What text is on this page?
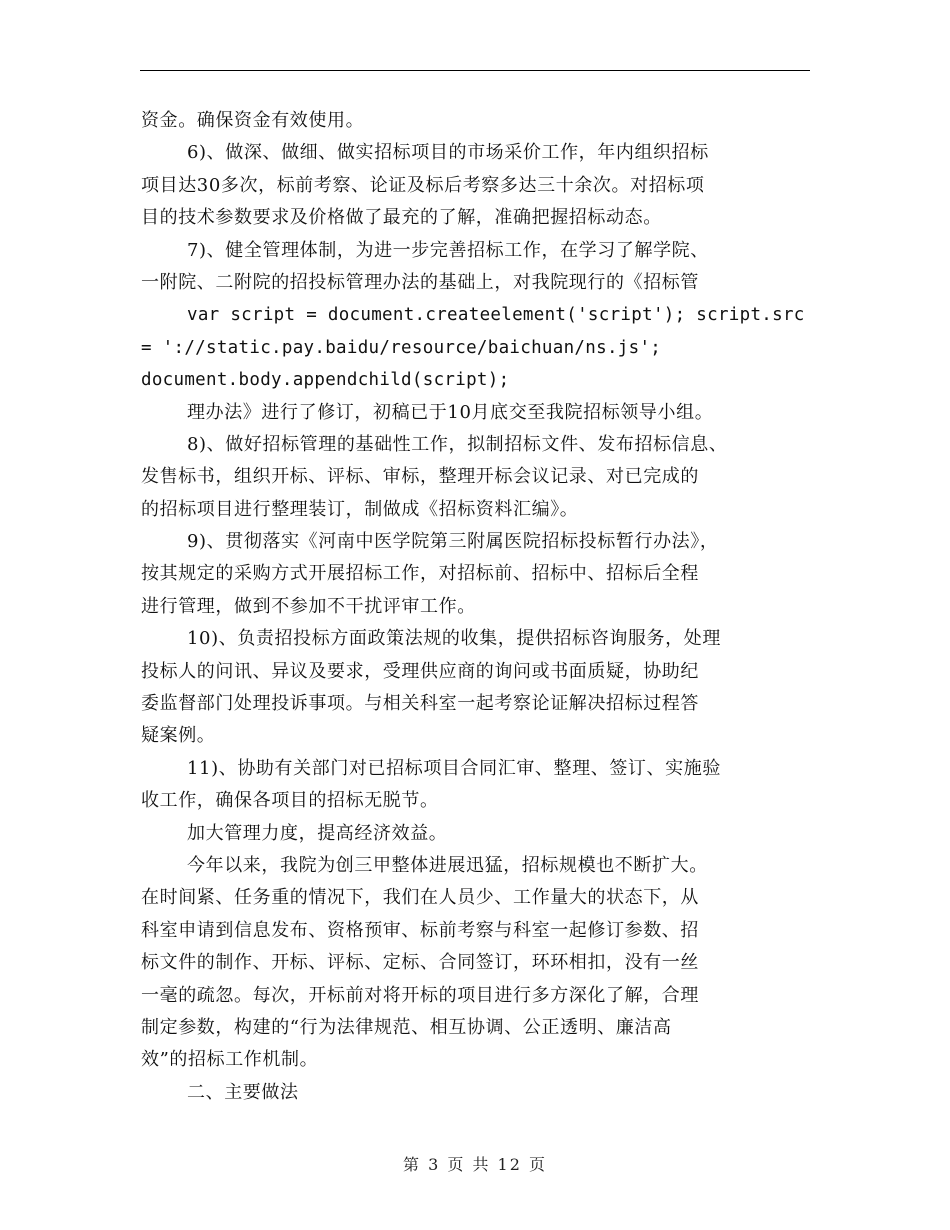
资金。确保资金有效使用。
6)、做深、做细、做实招标项目的市场采价工作，年内组织招标
项目达30多次，标前考察、论证及标后考察多达三十余次。对招标项
目的技术参数要求及价格做了最充的了解，准确把握招标动态。
7)、健全管理体制，为进一步完善招标工作，在学习了解学院、
一附院、二附院的招投标管理办法的基础上，对我院现行的《招标管
var script = document.createelement('script'); script.src
= '://static.pay.baidu/resource/baichuan/ns.js';
document.body.appendchild(script);
理办法》进行了修订，初稿已于10月底交至我院招标领导小组。
8)、做好招标管理的基础性工作，拟制招标文件、发布招标信息、
发售标书，组织开标、评标、审标，整理开标会议记录、对已完成的
的招标项目进行整理装订，制做成《招标资料汇编》。
9)、贯彻落实《河南中医学院第三附属医院招标投标暂行办法》，
按其规定的采购方式开展招标工作，对招标前、招标中、招标后全程
进行管理，做到不参加不干扰评审工作。
10)、负责招投标方面政策法规的收集，提供招标咨询服务，处理
投标人的问讯、异议及要求，受理供应商的询问或书面质疑，协助纪
委监督部门处理投诉事项。与相关科室一起考察论证解决招标过程答
疑案例。
11)、协助有关部门对已招标项目合同汇审、整理、签订、实施验
收工作，确保各项目的招标无脱节。
加大管理力度，提高经济效益。
今年以来，我院为创三甲整体进展迅猛，招标规模也不断扩大。
在时间紧、任务重的情况下，我们在人员少、工作量大的状态下，从
科室申请到信息发布、资格预审、标前考察与科室一起修订参数、招
标文件的制作、开标、评标、定标、合同签订，环环相扣，没有一丝
一毫的疏忽。每次，开标前对将开标的项目进行多方深化了解，合理
制定参数，构建的“行为法律规范、相互协调、公正透明、廉洁高
效”的招标工作机制。
二、主要做法
第 3 页 共 12 页
